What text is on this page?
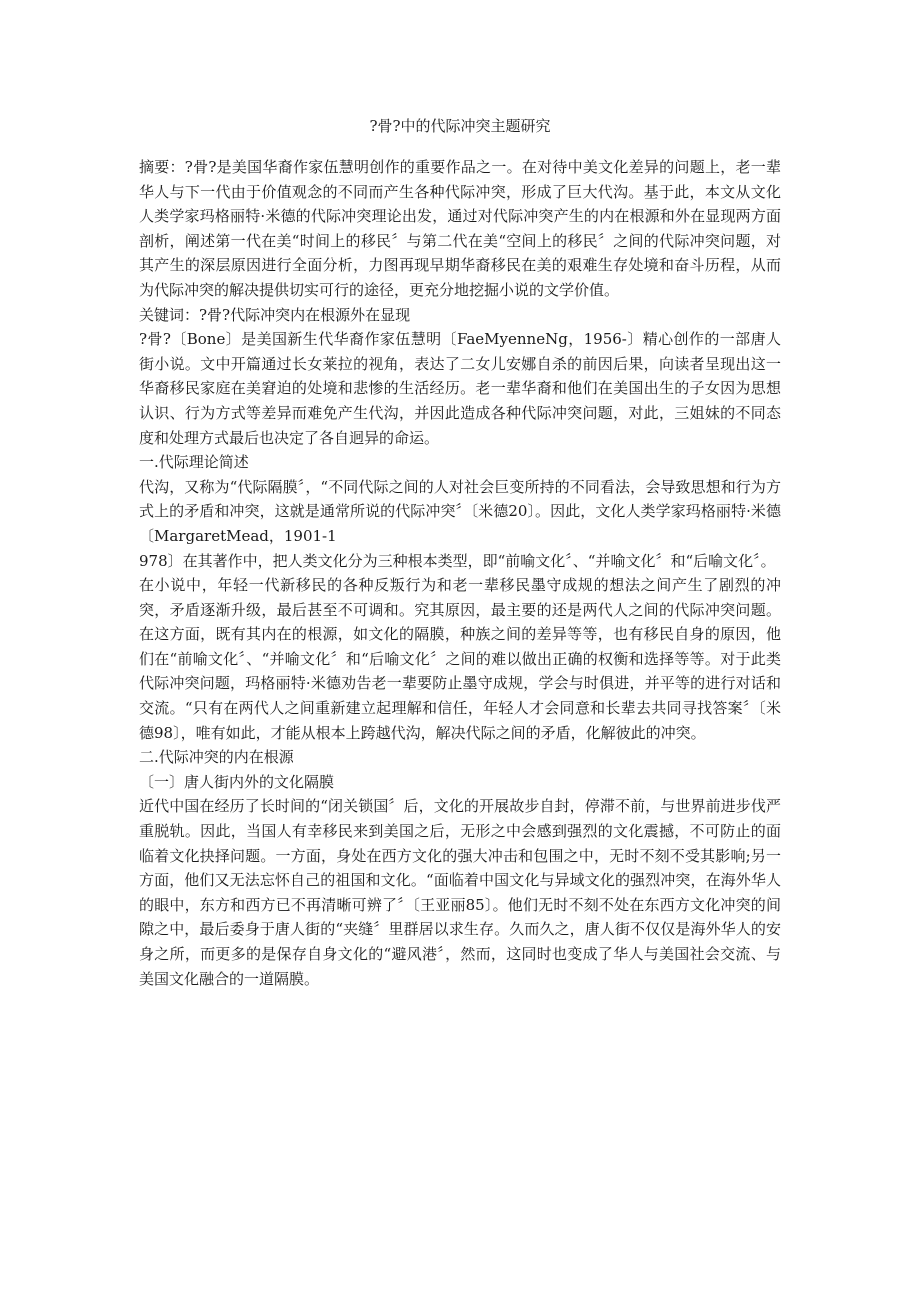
?骨?中的代际冲突主题研究

摘要：?骨?是美国华裔作家伍慧明创作的重要作品之一。在对待中美文化差异的问题上，老一辈华人与下一代由于价值观念的不同而产生各种代际冲突，形成了巨大代沟。基于此，本文从文化人类学家玛格丽特·米德的代际冲突理论出发，通过对代际冲突产生的内在根源和外在显现两方面剖析，阐述第一代在美“时间上的移民〞与第二代在美“空间上的移民〞之间的代际冲突问题，对其产生的深层原因进行全面分析，力图再现早期华裔移民在美的艰难生存处境和奋斗历程，从而为代际冲突的解决提供切实可行的途径，更充分地挖掘小说的文学价值。

关键词：?骨?代际冲突内在根源外在显现

?骨?〔Bone〕是美国新生代华裔作家伍慧明〔FaeMyenneNg，1956-〕精心创作的一部唐人街小说。文中开篇通过长女莱拉的视角，表达了二女儿安娜自杀的前因后果，向读者呈现出这一华裔移民家庭在美窘迫的处境和悲惨的生活经历。老一辈华裔和他们在美国出生的子女因为思想认识、行为方式等差异而难免产生代沟，并因此造成各种代际冲突问题，对此，三姐妹的不同态度和处理方式最后也决定了各自迥异的命运。

一.代际理论简述

代沟，又称为“代际隔膜〞，“不同代际之间的人对社会巨变所持的不同看法，会导致思想和行为方式上的矛盾和冲突，这就是通常所说的代际冲突〞〔米德20〕。因此，文化人类学家玛格丽特·米德〔MargaretMead，1901-1

978〕在其著作中，把人类文化分为三种根本类型，即“前喻文化〞、“并喻文化〞和“后喻文化〞。

在小说中，年轻一代新移民的各种反叛行为和老一辈移民墨守成规的想法之间产生了剧烈的冲突，矛盾逐渐升级，最后甚至不可调和。究其原因，最主要的还是两代人之间的代际冲突问题。在这方面，既有其内在的根源，如文化的隔膜，种族之间的差异等等，也有移民自身的原因，他们在“前喻文化〞、“并喻文化〞和“后喻文化〞之间的难以做出正确的权衡和选择等等。对于此类代际冲突问题，玛格丽特·米德劝告老一辈要防止墨守成规，学会与时俱进，并平等的进行对话和交流。“只有在两代人之间重新建立起理解和信任，年轻人才会同意和长辈去共同寻找答案〞〔米德98〕，唯有如此，才能从根本上跨越代沟，解决代际之间的矛盾，化解彼此的冲突。

二.代际冲突的内在根源

〔一〕唐人街内外的文化隔膜

近代中国在经历了长时间的“闭关锁国〞后，文化的开展故步自封，停滞不前，与世界前进步伐严重脱轨。因此，当国人有幸移民来到美国之后，无形之中会感到强烈的文化震撼，不可防止的面临着文化抉择问题。一方面，身处在西方文化的强大冲击和包围之中，无时不刻不受其影响;另一方面，他们又无法忘怀自己的祖国和文化。“面临着中国文化与异域文化的强烈冲突，在海外华人的眼中，东方和西方已不再清晰可辨了〞〔王亚丽85〕。他们无时不刻不处在东西方文化冲突的间隙之中，最后委身于唐人街的“夹缝〞里群居以求生存。久而久之，唐人街不仅仅是海外华人的安身之所，而更多的是保存自身文化的“避风港〞，然而，这同时也变成了华人与美国社会交流、与美国文化融合的一道隔膜。
